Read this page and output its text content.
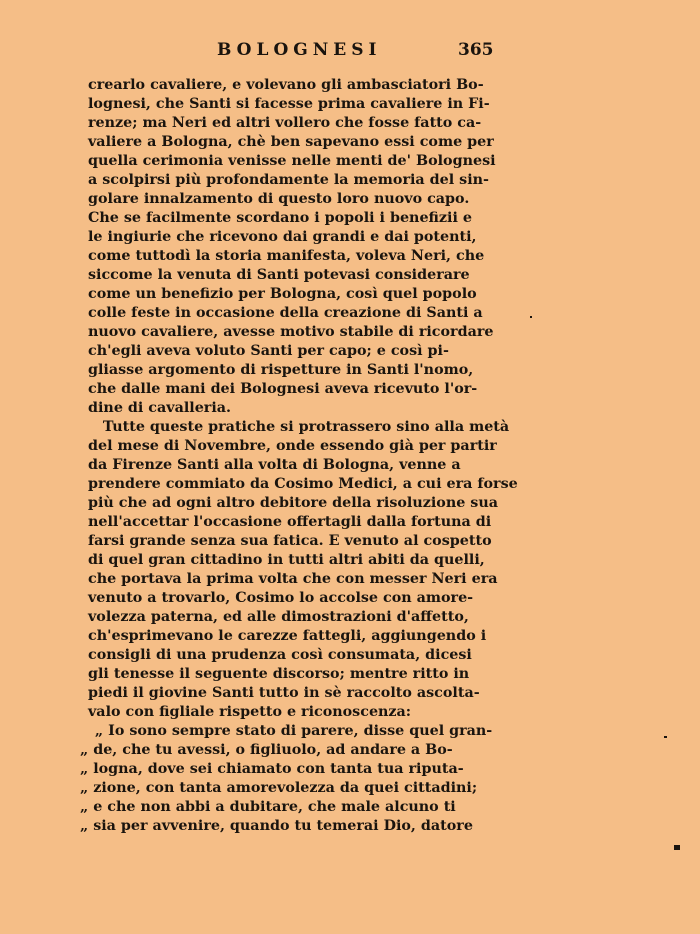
BOLOGNESI	365
crearlo cavaliere, e volevano gli ambasciatori Bo-
lognesi, che Santi si facesse prima cavaliere in Fi-
renze; ma Neri ed altri vollero che fosse fatto ca-
valiere a Bologna, chè ben sapevano essi come per
quella cerimonia venisse nelle menti de' Bolognesi
a scolpirsi più profondamente la memoria del sin-
golare innalzamento di questo loro nuovo capo.
Che se facilmente scordano i popoli i benefizii e
le ingiurie che ricevono dai grandi e dai potenti,
come tuttodì la storia manifesta, voleva Neri, che
siccome la venuta di Santi potevasi considerare
come un benefizio per Bologna, così quel popolo
colle feste in occasione della creazione di Santi a
nuovo cavaliere, avesse motivo stabile di ricordare
ch'egli aveva voluto Santi per capo; e così pi-
gliasse argomento di rispetture in Santi l'nomo,
che dalle mani dei Bolognesi aveva ricevuto l'or-
dine di cavalleria.
Tutte queste pratiche si protrassero sino alla metà
del mese di Novembre, onde essendo già per partir
da Firenze Santi alla volta di Bologna, venne a
prendere commiato da Cosimo Medici, a cui era forse
più che ad ogni altro debitore della risoluzione sua
nell'accettar l'occasione offertagli dalla fortuna di
farsi grande senza sua fatica. E venuto al cospetto
di quel gran cittadino in tutti altri abiti da quelli,
che portava la prima volta che con messer Neri era
venuto a trovarlo, Cosimo lo accolse con amore-
volezza paterna, ed alle dimostrazioni d'affetto,
ch'esprimevano le carezze fattegli, aggiungendo i
consigli di una prudenza così consumata, dicesi
gli tenesse il seguente discorso; mentre ritto in
piedi il giovine Santi tutto in sè raccolto ascolta-
valo con figliale rispetto e riconoscenza:
„ Io sono sempre stato di parere, disse quel gran-
„ de, che tu avessi, o figliuolo, ad andare a Bo-
„ logna, dove sei chiamato con tanta tua riputa-
„ zione, con tanta amorevolezza da quei cittadini;
„ e che non abbi a dubitare, che male alcuno ti
„ sia per avvenire, quando tu temerai Dio, datore
